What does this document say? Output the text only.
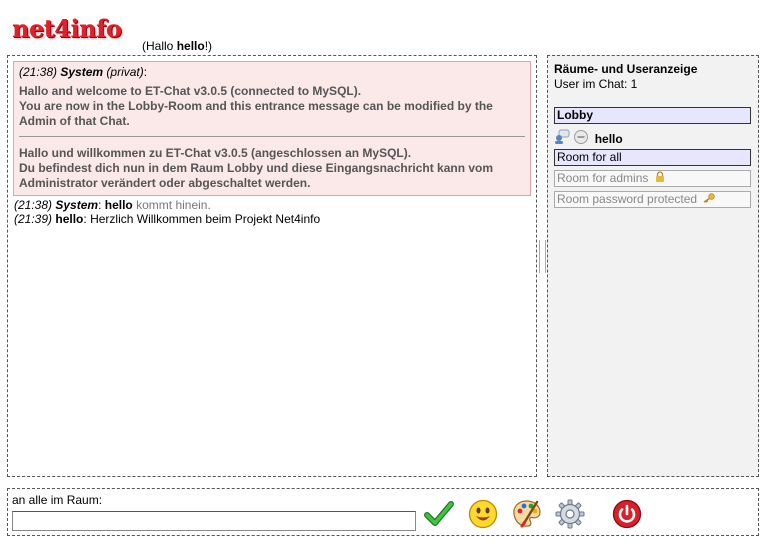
net4info
(Hallo hello!)
(21:38) System (privat):
Hallo and welcome to ET-Chat v3.0.5 (connected to MySQL).
You are now in the Lobby-Room and this entrance message can be modified by the Admin of that Chat.
Hallo und willkommen zu ET-Chat v3.0.5 (angeschlossen an MySQL).
Du befindest dich nun in dem Raum Lobby und diese Eingangsnachricht kann vom Administrator verändert oder abgeschaltet werden.
(21:38) System: hello kommt hinein.
(21:39) hello: Herzlich Willkommen beim Projekt Net4info
Räume- und Useranzeige
User im Chat: 1
Lobby
hello
Room for all
Room for admins
Room password protected
an alle im Raum:
